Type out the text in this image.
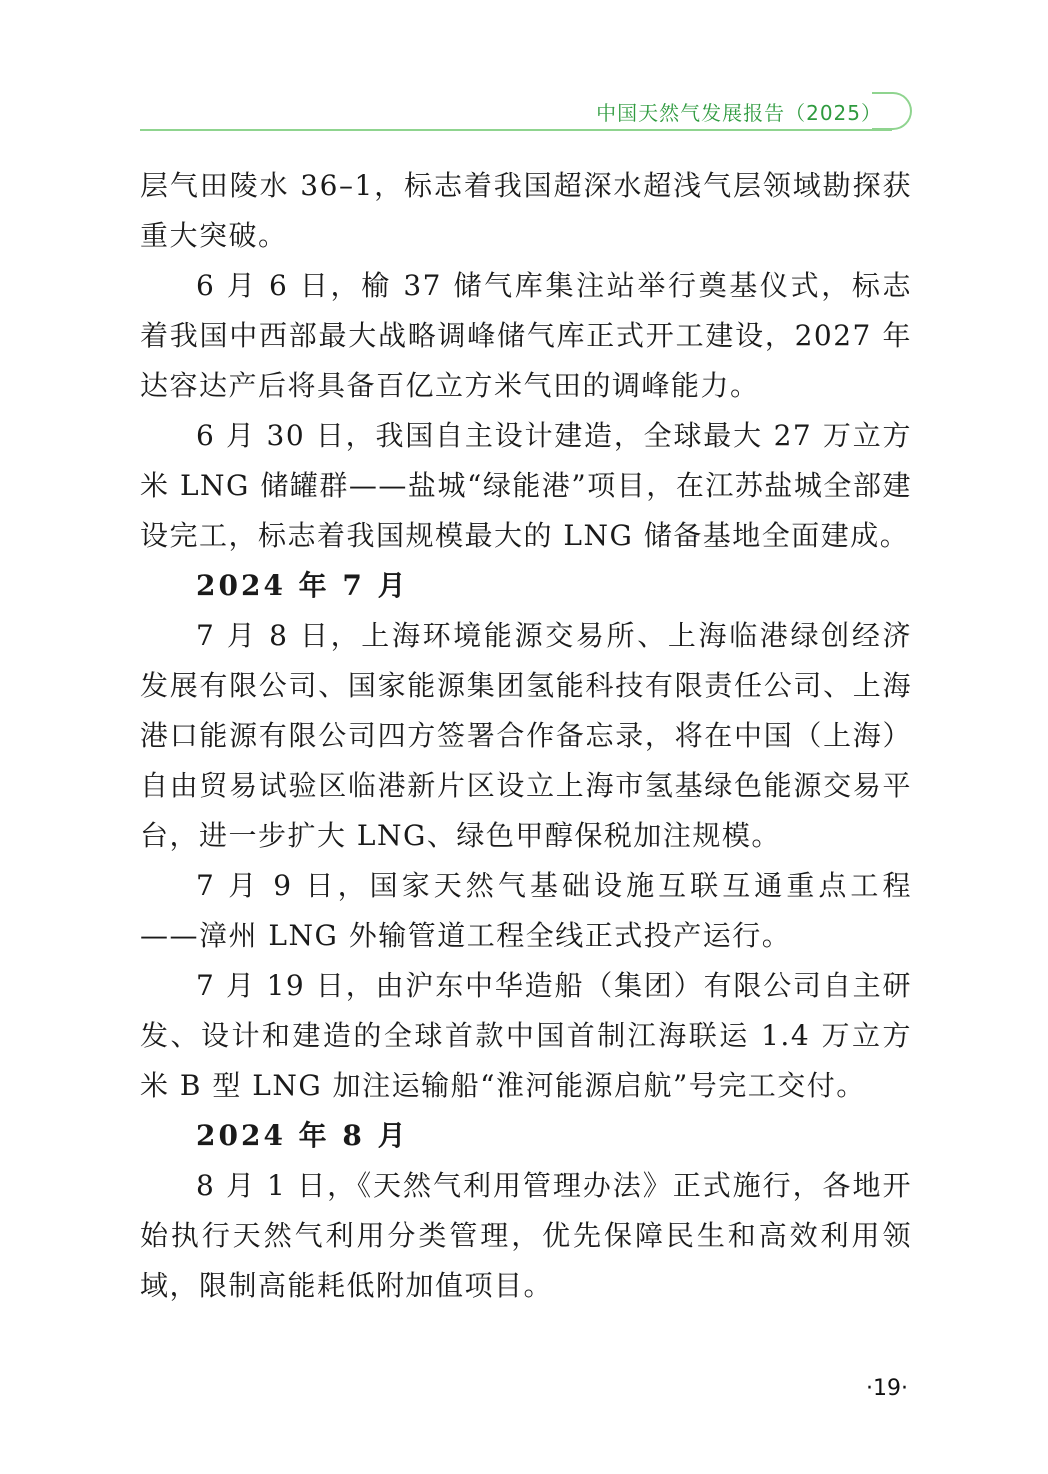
中国天然气发展报告（2025）

层气田陵水 36–1，标志着我国超深水超浅气层领域勘探获重大突破。

6 月 6 日，榆 37 储气库集注站举行奠基仪式，标志着我国中西部最大战略调峰储气库正式开工建设，2027 年达容达产后将具备百亿立方米气田的调峰能力。

6 月 30 日，我国自主设计建造，全球最大 27 万立方米 LNG 储罐群——盐城“绿能港”项目，在江苏盐城全部建设完工，标志着我国规模最大的 LNG 储备基地全面建成。

2024 年 7 月

7 月 8 日，上海环境能源交易所、上海临港绿创经济发展有限公司、国家能源集团氢能科技有限责任公司、上海港口能源有限公司四方签署合作备忘录，将在中国（上海）自由贸易试验区临港新片区设立上海市氢基绿色能源交易平台，进一步扩大 LNG、绿色甲醇保税加注规模。

7 月 9 日，国家天然气基础设施互联互通重点工程——漳州 LNG 外输管道工程全线正式投产运行。

7 月 19 日，由沪东中华造船（集团）有限公司自主研发、设计和建造的全球首款中国首制江海联运 1.4 万立方米 B 型 LNG 加注运输船“淮河能源启航”号完工交付。

2024 年 8 月

8 月 1 日，《天然气利用管理办法》正式施行，各地开始执行天然气利用分类管理，优先保障民生和高效利用领域，限制高能耗低附加值项目。

·19·
